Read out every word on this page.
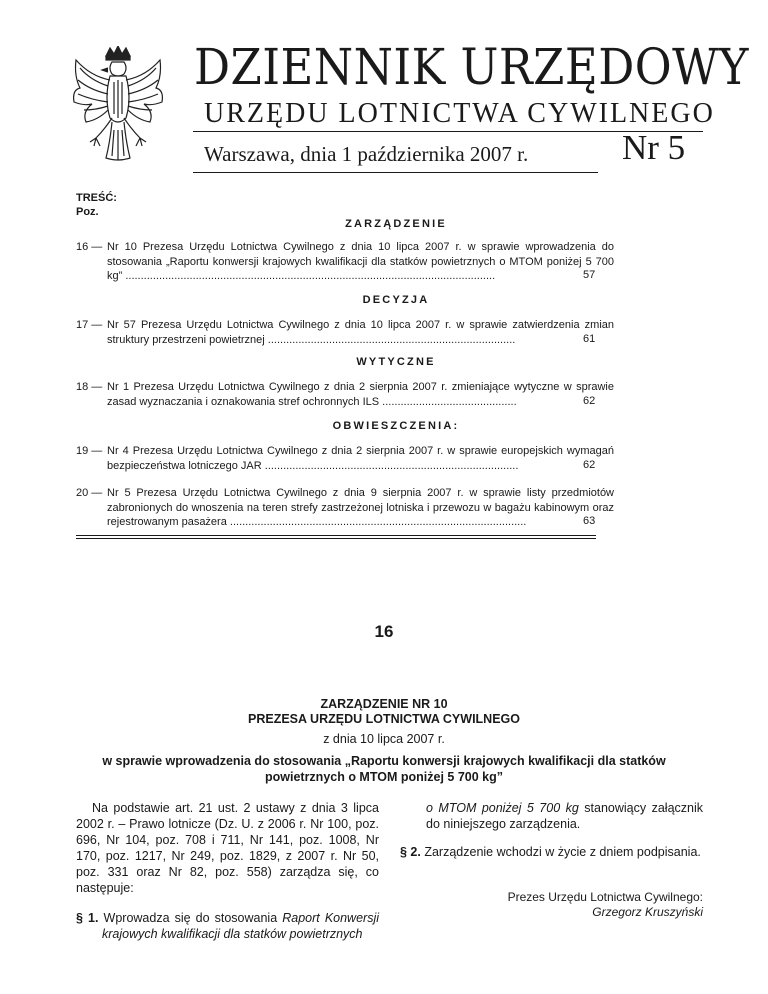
DZIENNIK URZĘDOWY
URZĘDU LOTNICTWA CYWILNEGO
Warszawa, dnia 1 października 2007 r.	Nr 5
TREŚĆ:
Poz.
ZARZĄDZENIE
16 — Nr 10 Prezesa Urzędu Lotnictwa Cywilnego z dnia 10 lipca 2007 r. w sprawie wprowadzenia do stosowania „Raportu konwersji krajowych kwalifikacji dla statków powietrznych o MTOM poniżej 5 700 kg” .........................................................................................................................	57
DECYZJA
17 — Nr 57 Prezesa Urzędu Lotnictwa Cywilnego z dnia 10 lipca 2007 r. w sprawie zatwierdzenia zmian struktury przestrzeni powietrznej .................................................................................	61
WYTYCZNE
18 — Nr 1 Prezesa Urzędu Lotnictwa Cywilnego z dnia 2 sierpnia 2007 r. zmieniające wytyczne w sprawie zasad wyznaczania i oznakowania stref ochronnych ILS ............................................	62
OBWIESZCZENIA:
19 — Nr 4 Prezesa Urzędu Lotnictwa Cywilnego z dnia 2 sierpnia 2007 r. w sprawie europejskich wymagań bezpieczeństwa lotniczego JAR ...................................................................................	62
20 — Nr 5 Prezesa Urzędu Lotnictwa Cywilnego z dnia 9 sierpnia 2007 r. w sprawie listy przedmiotów zabronionych do wnoszenia na teren strefy zastrzeżonej lotniska i przewozu w bagażu kabinowym oraz rejestrowanym pasażera .................................................................................................	63
16
ZARZĄDZENIE NR 10
PREZESA URZĘDU LOTNICTWA CYWILNEGO
z dnia 10 lipca 2007 r.
w sprawie wprowadzenia do stosowania „Raportu konwersji krajowych kwalifikacji dla statków powietrznych o MTOM poniżej 5 700 kg”

Na podstawie art. 21 ust. 2 ustawy z dnia 3 lipca 2002 r. – Prawo lotnicze (Dz. U. z 2006 r. Nr 100, poz. 696, Nr 104, poz. 708 i 711, Nr 141, poz. 1008, Nr 170, poz. 1217, Nr 249, poz. 1829, z 2007 r. Nr 50, poz. 331 oraz Nr 82, poz. 558) zarządza się, co następuje:

§ 1. Wprowadza się do stosowania Raport Konwersji krajowych kwalifikacji dla statków powietrznych

o MTOM poniżej 5 700 kg stanowiący załącznik do niniejszego zarządzenia.

§ 2. Zarządzenie wchodzi w życie z dniem podpisania.

Prezes Urzędu Lotnictwa Cywilnego:
Grzegorz Kruszyński
